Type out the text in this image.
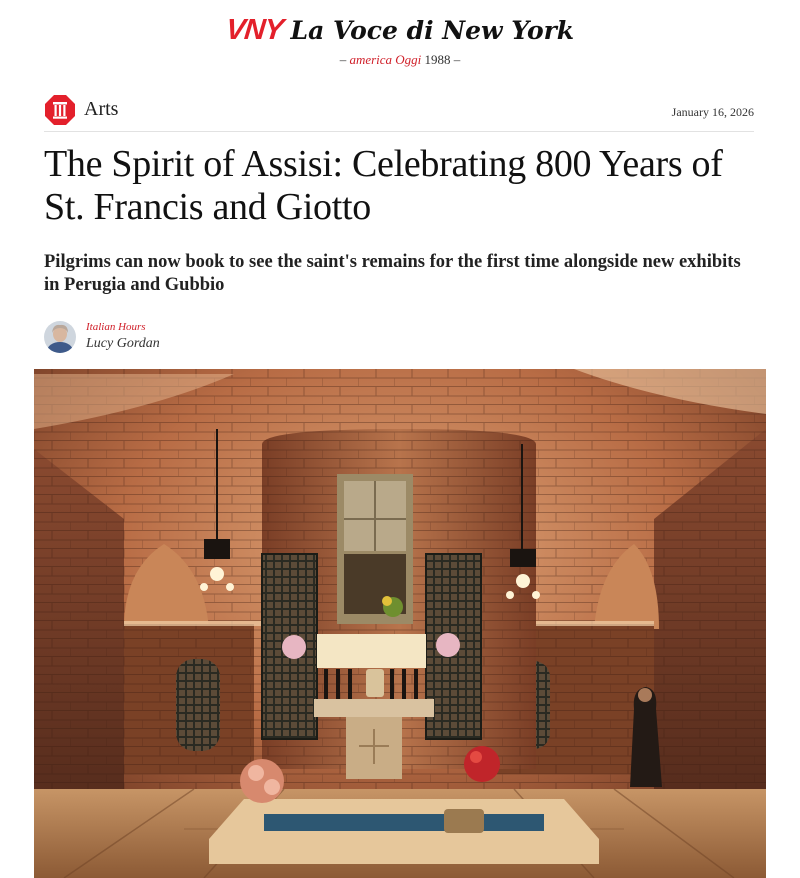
VNY La Voce di New York
– america Oggi 1988 –
Arts	January 16, 2026
The Spirit of Assisi: Celebrating 800 Years of St. Francis and Giotto
Pilgrims can now book to see the saint's remains for the first time alongside new exhibits in Perugia and Gubbio
Italian Hours
Lucy Gordan
